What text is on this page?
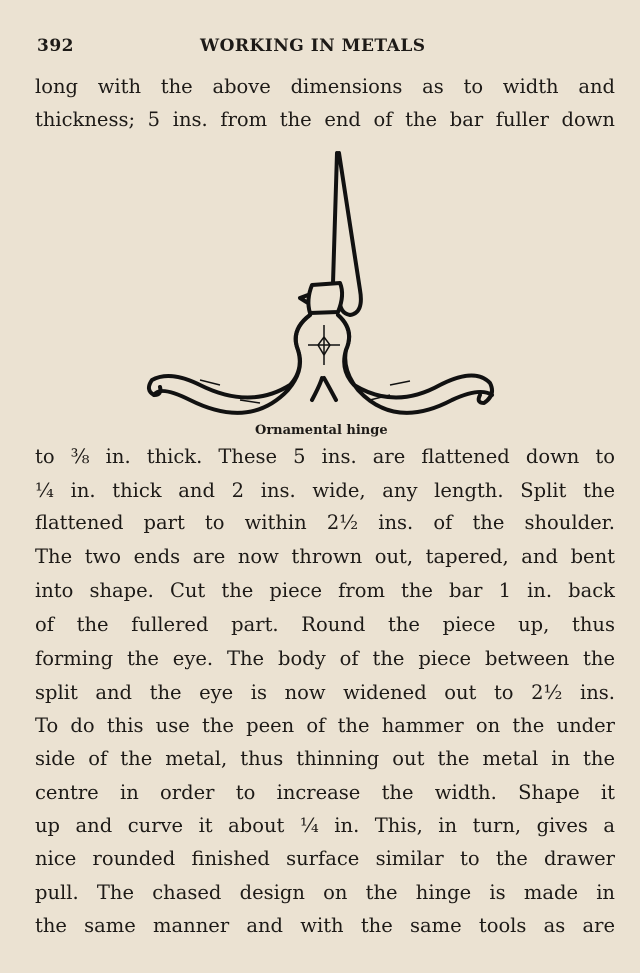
392	WORKING IN METALS
long with the above dimensions as to width and
thickness; 5 ins. from the end of the bar fuller down
Ornamental hinge
to ⅜ in. thick. These 5 ins. are flattened down to
¼ in. thick and 2 ins. wide, any length. Split the
flattened part to within 2½ ins. of the shoulder.
The two ends are now thrown out, tapered, and bent
into shape. Cut the piece from the bar 1 in. back
of the fullered part. Round the piece up, thus
forming the eye. The body of the piece between the
split and the eye is now widened out to 2½ ins.
To do this use the peen of the hammer on the under
side of the metal, thus thinning out the metal in the
centre in order to increase the width. Shape it
up and curve it about ¼ in. This, in turn, gives a
nice rounded finished surface similar to the drawer
pull. The chased design on the hinge is made in
the same manner and with the same tools as are
